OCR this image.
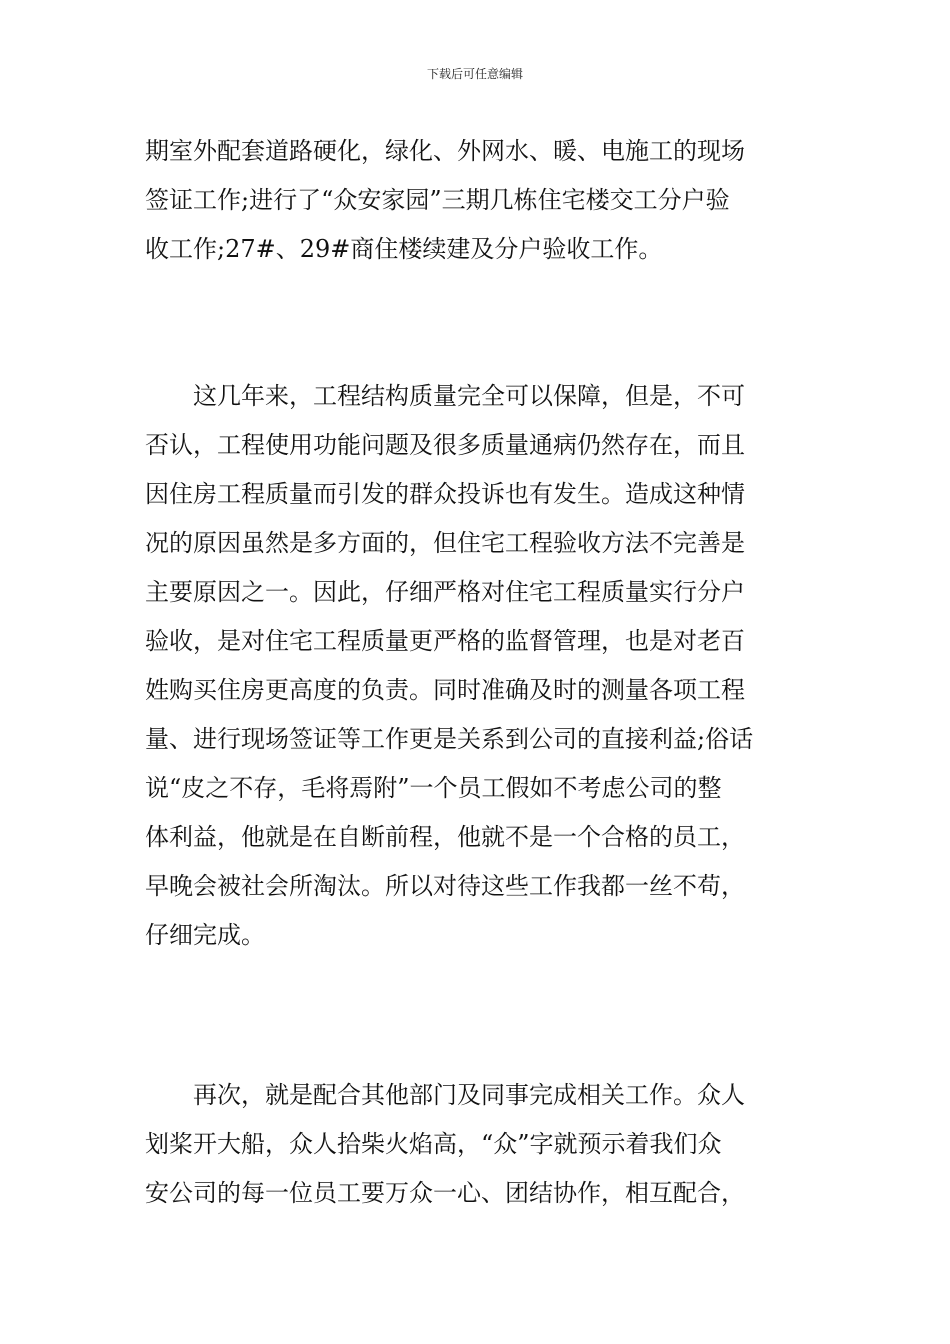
下载后可任意编辑
期室外配套道路硬化，绿化、外网水、暖、电施工的现场
签证工作;进行了“众安家园”三期几栋住宅楼交工分户验
收工作;27#、29#商住楼续建及分户验收工作。
　　这几年来，工程结构质量完全可以保障，但是，不可
否认，工程使用功能问题及很多质量通病仍然存在，而且
因住房工程质量而引发的群众投诉也有发生。造成这种情
况的原因虽然是多方面的，但住宅工程验收方法不完善是
主要原因之一。因此，仔细严格对住宅工程质量实行分户
验收，是对住宅工程质量更严格的监督管理，也是对老百
姓购买住房更高度的负责。同时准确及时的测量各项工程
量、进行现场签证等工作更是关系到公司的直接利益;俗话
说“皮之不存，毛将焉附”一个员工假如不考虑公司的整
体利益，他就是在自断前程，他就不是一个合格的员工，
早晚会被社会所淘汰。所以对待这些工作我都一丝不苟，
仔细完成。
　　再次，就是配合其他部门及同事完成相关工作。众人
划桨开大船，众人拾柴火焰高，“众”字就预示着我们众
安公司的每一位员工要万众一心、团结协作，相互配合，
